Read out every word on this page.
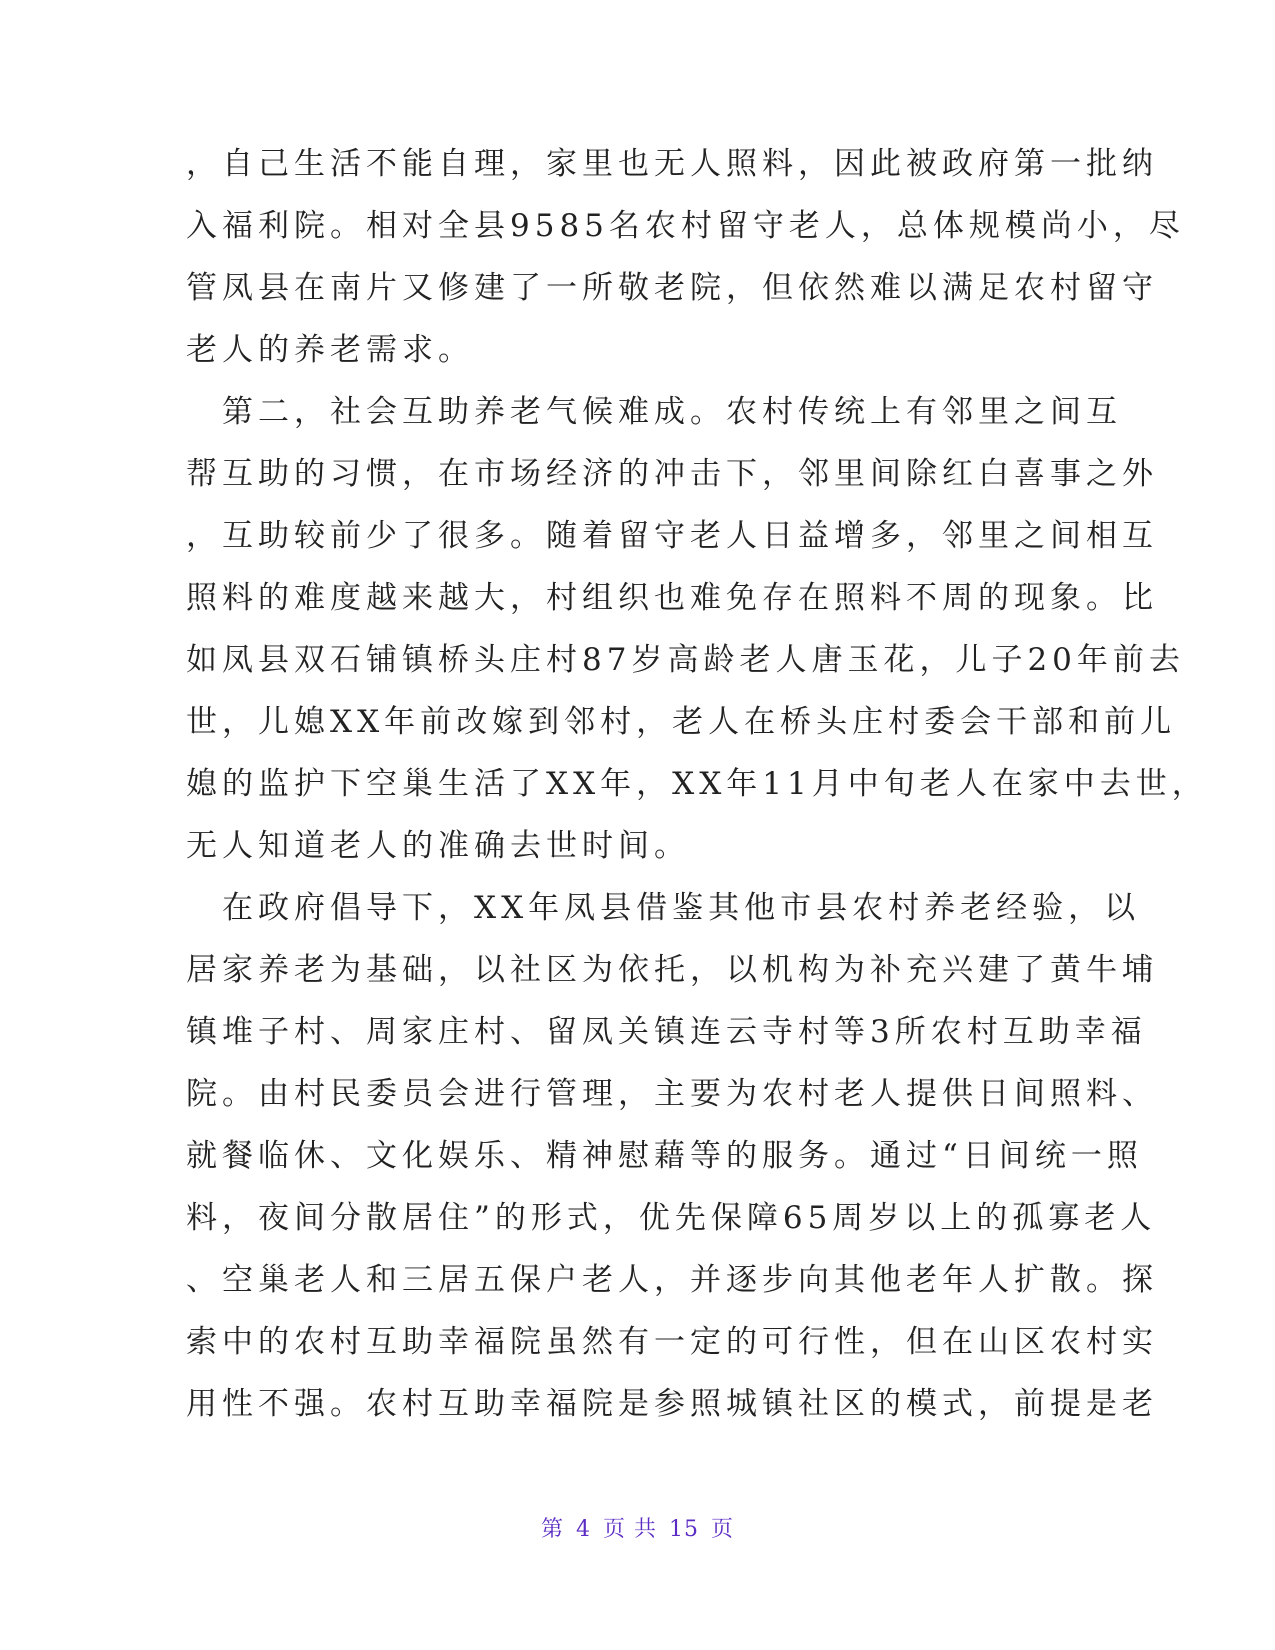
，自己生活不能自理，家里也无人照料，因此被政府第一批纳
入福利院。相对全县9585名农村留守老人，总体规模尚小，尽
管凤县在南片又修建了一所敬老院，但依然难以满足农村留守
老人的养老需求。
　第二，社会互助养老气候难成。农村传统上有邻里之间互
帮互助的习惯，在市场经济的冲击下，邻里间除红白喜事之外
，互助较前少了很多。随着留守老人日益增多，邻里之间相互
照料的难度越来越大，村组织也难免存在照料不周的现象。比
如凤县双石铺镇桥头庄村87岁高龄老人唐玉花，儿子20年前去
世，儿媳XX年前改嫁到邻村，老人在桥头庄村委会干部和前儿
媳的监护下空巢生活了XX年，XX年11月中旬老人在家中去世，
无人知道老人的准确去世时间。
　在政府倡导下，XX年凤县借鉴其他市县农村养老经验，以
居家养老为基础，以社区为依托，以机构为补充兴建了黄牛埔
镇堆子村、周家庄村、留凤关镇连云寺村等3所农村互助幸福
院。由村民委员会进行管理，主要为农村老人提供日间照料、
就餐临休、文化娱乐、精神慰藉等的服务。通过“日间统一照
料，夜间分散居住”的形式，优先保障65周岁以上的孤寡老人
、空巢老人和三居五保户老人，并逐步向其他老年人扩散。探
索中的农村互助幸福院虽然有一定的可行性，但在山区农村实
用性不强。农村互助幸福院是参照城镇社区的模式，前提是老
第 4 页 共 15 页
